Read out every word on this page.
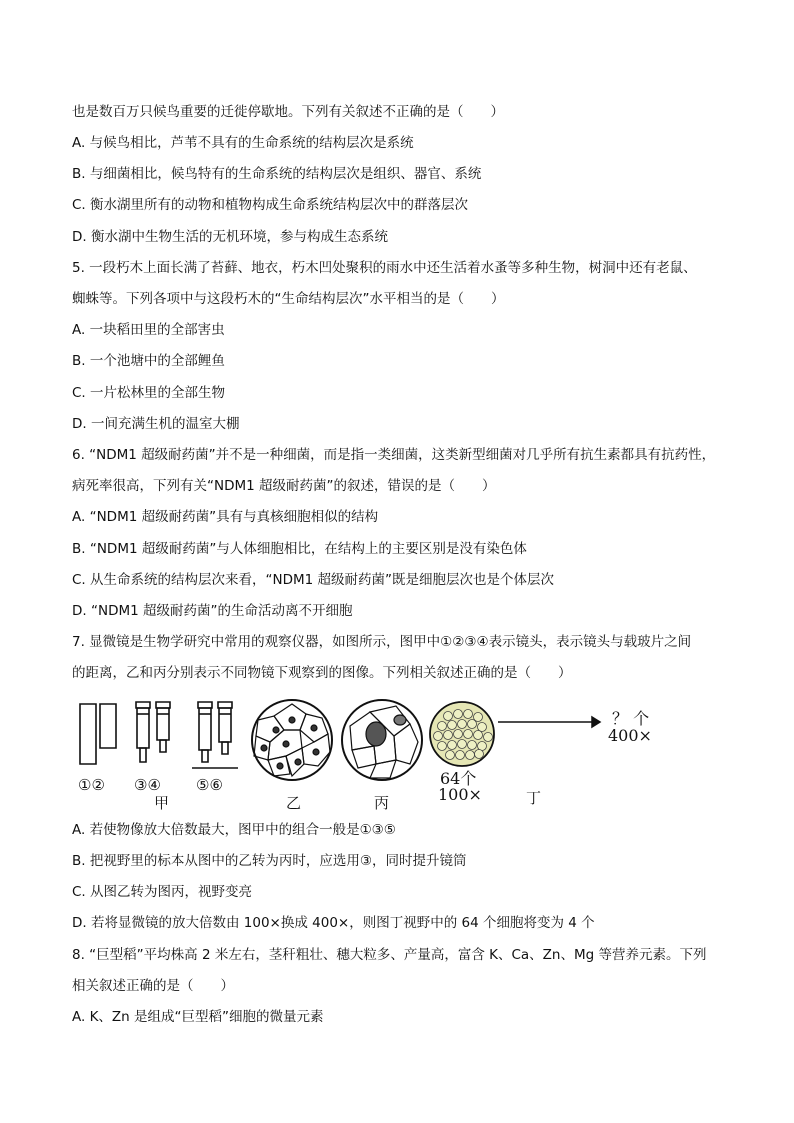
也是数百万只候鸟重要的迁徙停歇地。下列有关叙述不正确的是（　　）
A. 与候鸟相比，芦苇不具有的生命系统的结构层次是系统
B. 与细菌相比，候鸟特有的生命系统的结构层次是组织、器官、系统
C. 衡水湖里所有的动物和植物构成生命系统结构层次中的群落层次
D. 衡水湖中生物生活的无机环境，参与构成生态系统
5. 一段朽木上面长满了苔藓、地衣，朽木凹处聚积的雨水中还生活着水蚤等多种生物，树洞中还有老鼠、
蜘蛛等。下列各项中与这段朽木的“生命结构层次”水平相当的是（　　）
A. 一块稻田里的全部害虫
B. 一个池塘中的全部鲤鱼
C. 一片松林里的全部生物
D. 一间充满生机的温室大棚
6. “NDM1 超级耐药菌”并不是一种细菌，而是指一类细菌，这类新型细菌对几乎所有抗生素都具有抗药性，
病死率很高，下列有关“NDM1 超级耐药菌”的叙述，错误的是（　　）
A. “NDM1 超级耐药菌”具有与真核细胞相似的结构
B. “NDM1 超级耐药菌”与人体细胞相比，在结构上的主要区别是没有染色体
C. 从生命系统的结构层次来看，“NDM1 超级耐药菌”既是细胞层次也是个体层次
D. “NDM1 超级耐药菌”的生命活动离不开细胞
7. 显微镜是生物学研究中常用的观察仪器，如图所示，图甲中①②③④表示镜头，表示镜头与载玻片之间
的距离，乙和丙分别表示不同物镜下观察到的图像。下列相关叙述正确的是（　　）
①② ③④ ⑤⑥
甲	乙	丙
64个
100×	丁
？ 个
400×
A. 若使物像放大倍数最大，图甲中的组合一般是①③⑤
B. 把视野里的标本从图中的乙转为丙时，应选用③，同时提升镜筒
C. 从图乙转为图丙，视野变亮
D. 若将显微镜的放大倍数由 100×换成 400×，则图丁视野中的 64 个细胞将变为 4 个
8. “巨型稻”平均株高 2 米左右，茎秆粗壮、穗大粒多、产量高，富含 K、Ca、Zn、Mg 等营养元素。下列
相关叙述正确的是（　　）
A. K、Zn 是组成“巨型稻”细胞的微量元素
